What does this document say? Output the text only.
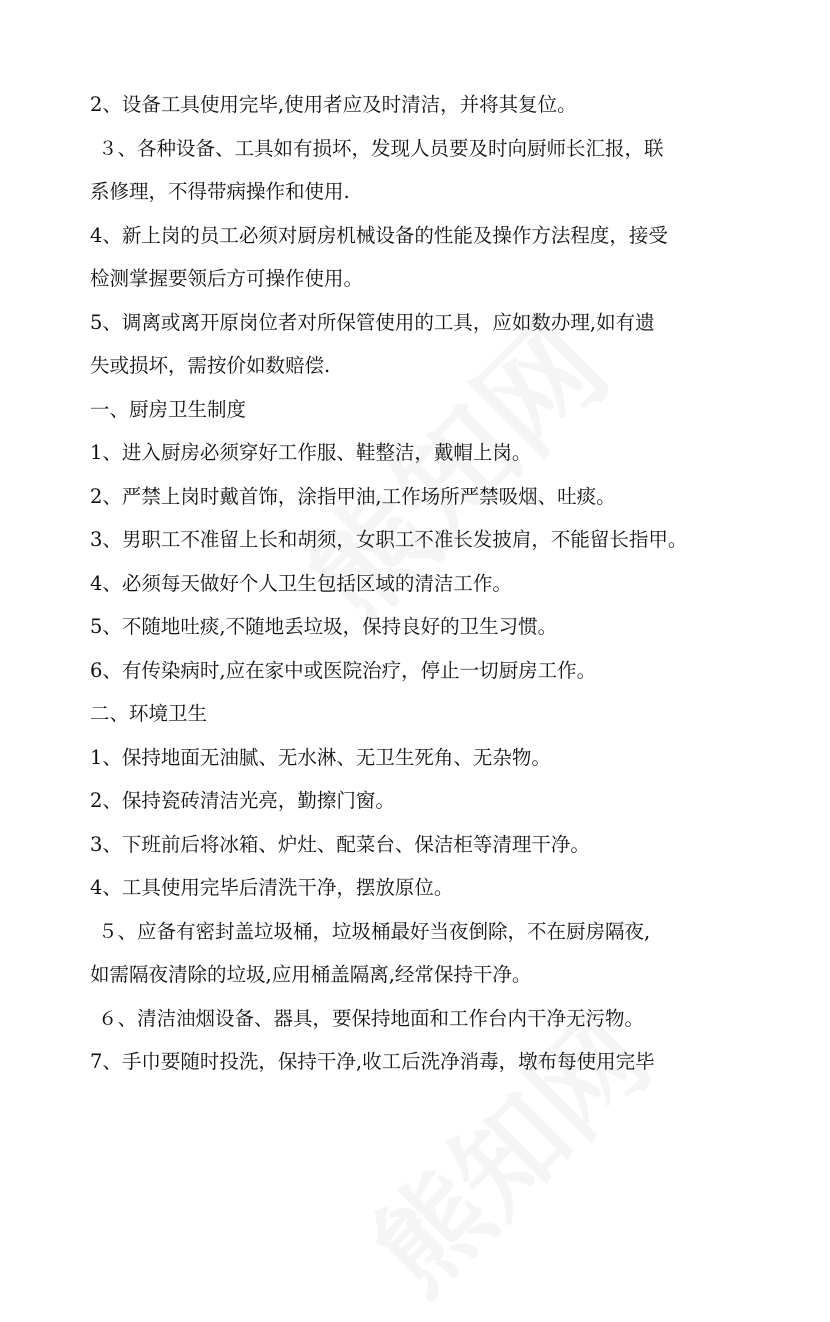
2、设备工具使用完毕,使用者应及时清洁，并将其复位。
３、各种设备、工具如有损坏，发现人员要及时向厨师长汇报，联
系修理，不得带病操作和使用.
4、新上岗的员工必须对厨房机械设备的性能及操作方法程度，接受
检测掌握要领后方可操作使用。
5、调离或离开原岗位者对所保管使用的工具，应如数办理,如有遗
失或损坏，需按价如数赔偿.
一、厨房卫生制度
1、进入厨房必须穿好工作服、鞋整洁，戴帽上岗。
2、严禁上岗时戴首饰，涂指甲油,工作场所严禁吸烟、吐痰。
3、男职工不准留上长和胡须，女职工不准长发披肩，不能留长指甲。
4、必须每天做好个人卫生包括区域的清洁工作。
5、不随地吐痰,不随地丢垃圾，保持良好的卫生习惯。
6、有传染病时,应在家中或医院治疗，停止一切厨房工作。
二、环境卫生
1、保持地面无油腻、无水淋、无卫生死角、无杂物。
2、保持瓷砖清洁光亮，勤擦门窗。
3、下班前后将冰箱、炉灶、配菜台、保洁柜等清理干净。
4、工具使用完毕后清洗干净，摆放原位。
５、应备有密封盖垃圾桶，垃圾桶最好当夜倒除，不在厨房隔夜,
如需隔夜清除的垃圾,应用桶盖隔离,经常保持干净。
６、清洁油烟设备、器具，要保持地面和工作台内干净无污物。
7、手巾要随时投洗，保持干净,收工后洗净消毒，墩布每使用完毕
